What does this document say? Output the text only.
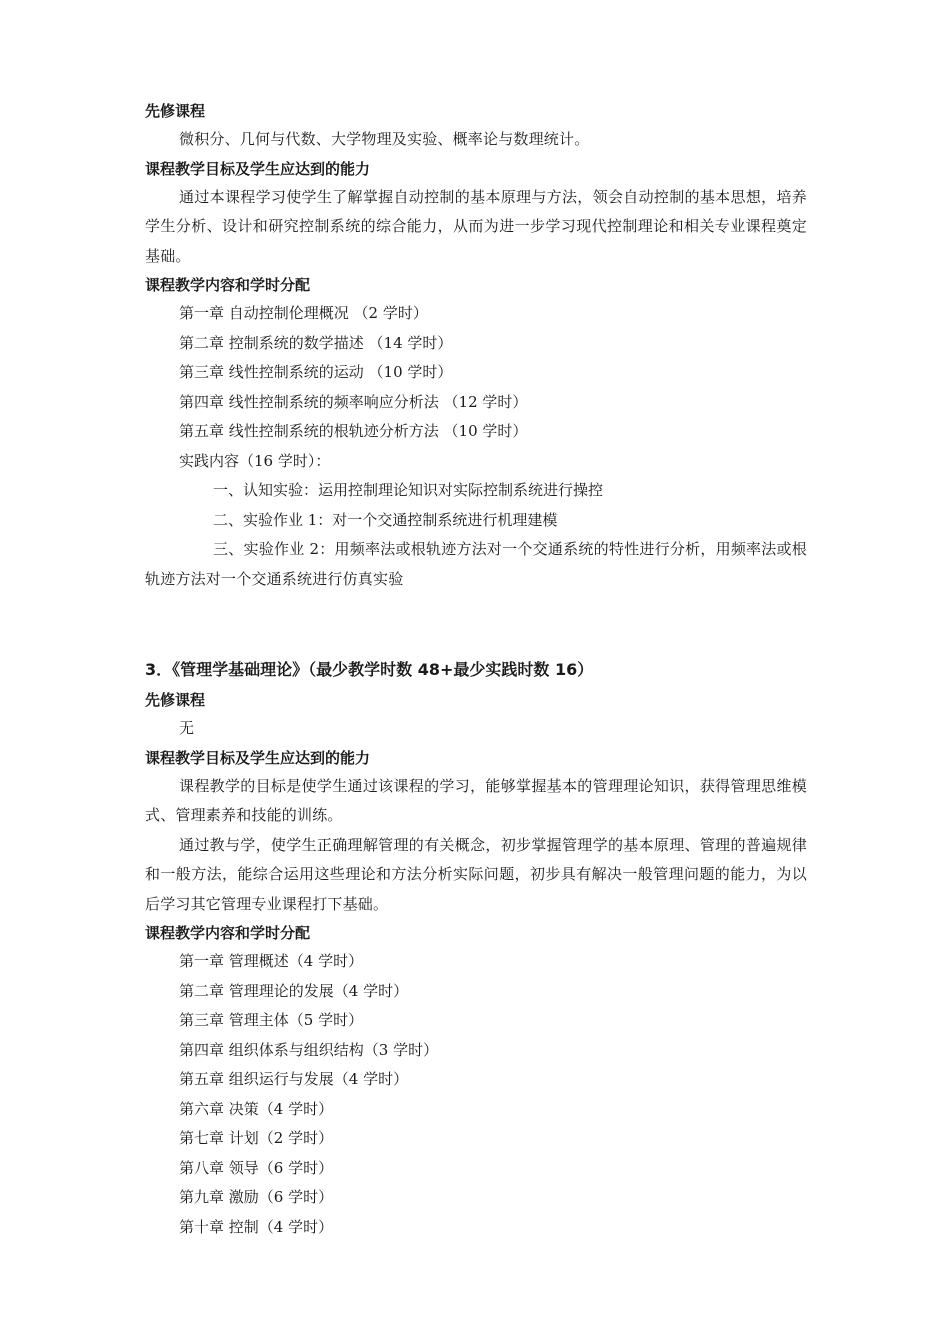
先修课程

微积分、几何与代数、大学物理及实验、概率论与数理统计。

课程教学目标及学生应达到的能力

通过本课程学习使学生了解掌握自动控制的基本原理与方法，领会自动控制的基本思想，培养学生分析、设计和研究控制系统的综合能力，从而为进一步学习现代控制理论和相关专业课程奠定基础。

课程教学内容和学时分配
第一章 自动控制伦理概况 （2 学时）
第二章 控制系统的数学描述 （14 学时）
第三章 线性控制系统的运动 （10 学时）
第四章 线性控制系统的频率响应分析法 （12 学时）
第五章 线性控制系统的根轨迹分析方法 （10 学时）
实践内容（16 学时）：
一、认知实验：运用控制理论知识对实际控制系统进行操控
二、实验作业 1：对一个交通控制系统进行机理建模

三、实验作业 2：用频率法或根轨迹方法对一个交通系统的特性进行分析，用频率法或根轨迹方法对一个交通系统进行仿真实验

3．《管理学基础理论》（最少教学时数 48+最少实践时数 16）
先修课程

无

课程教学目标及学生应达到的能力

课程教学的目标是使学生通过该课程的学习，能够掌握基本的管理理论知识，获得管理思维模式、管理素养和技能的训练。

通过教与学，使学生正确理解管理的有关概念，初步掌握管理学的基本原理、管理的普遍规律和一般方法，能综合运用这些理论和方法分析实际问题，初步具有解决一般管理问题的能力，为以后学习其它管理专业课程打下基础。

课程教学内容和学时分配
第一章 管理概述（4 学时）
第二章 管理理论的发展（4 学时）
第三章 管理主体（5 学时）
第四章 组织体系与组织结构（3 学时）
第五章 组织运行与发展（4 学时）
第六章 决策（4 学时）
第七章 计划（2 学时）
第八章 领导（6 学时）
第九章 激励（6 学时）
第十章 控制（4 学时）
